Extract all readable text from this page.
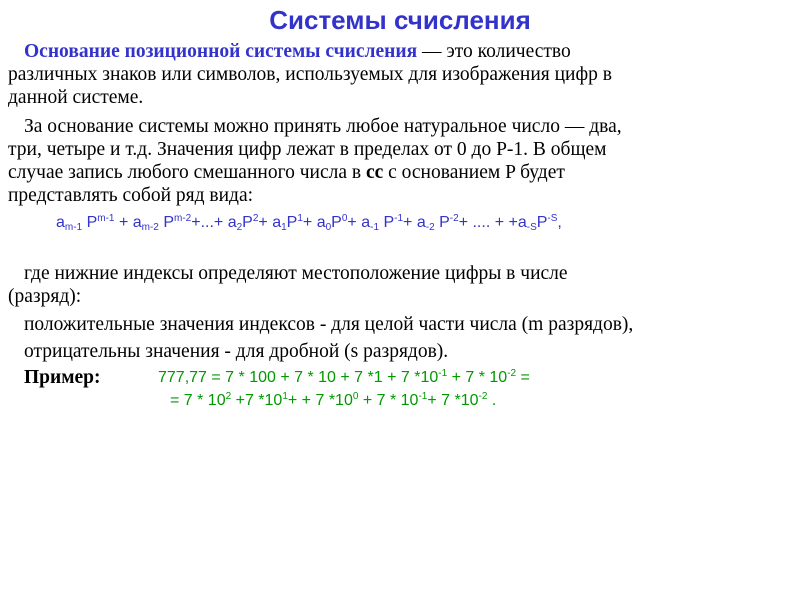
Системы счисления
Основание позиционной системы счисления — это количество
различных знаков или символов, используемых для изображения цифр в
данной системе.
За основание системы можно принять любое натуральное число — два,
три, четыре и т.д. Значения цифр лежат в пределах от 0 до P-1. В общем
случае запись любого смешанного числа в сс с основанием P будет
представлять собой ряд вида:
$a_{m-1}$ $P^{m-1} + a_{m-2}$ $P^{m-2}+...+ a_2P^2+ a_1P^1+ a_0P^0+ a_{-1}$ $P^{-1}+ a_{-2}$ $P^{-2}+$ .... + $+a_{-S}P^{-S}$,
где нижние индексы определяют местоположение цифры в числе
(разряд):
положительные значения индексов - для целой части числа (m разрядов),
отрицательны значения - для дробной (s разрядов).
Пример:	777,77 = 7 * 100 + 7 * 10 + 7 *1 + 7 $*10^{-1} + 7 * 10^{-2}$ =
= $7 * 10^2 +7$ $*10^1+ + 7$ $*10^0 + 7 * 10^{-1}+ 7$ $*10^{-2}$ .
